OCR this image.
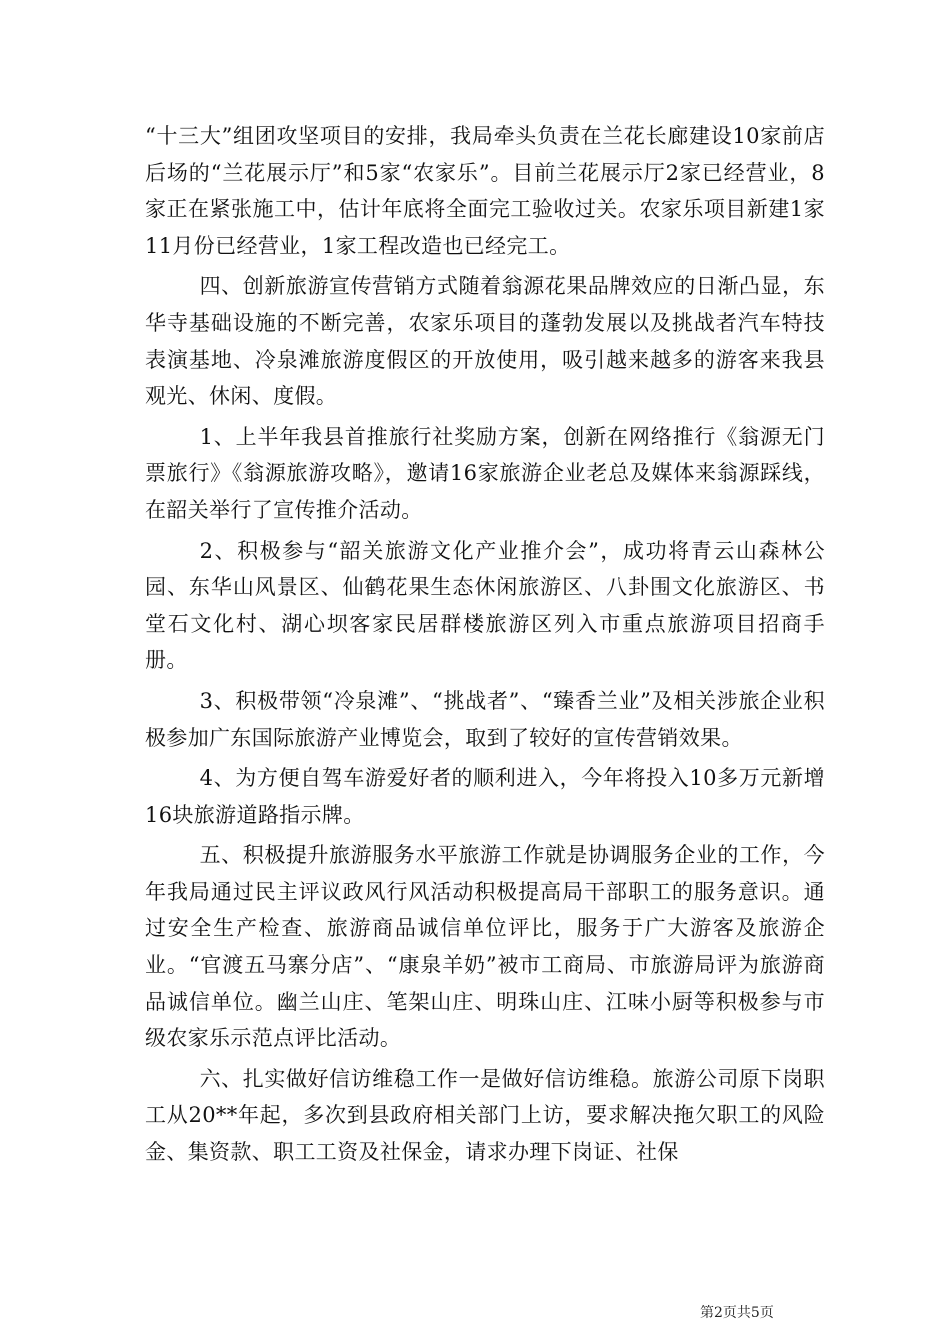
“十三大”组团攻坚项目的安排，我局牵头负责在兰花长廊建设10家前店后场的“兰花展示厅”和5家“农家乐”。目前兰花展示厅2家已经营业，8家正在紧张施工中，估计年底将全面完工验收过关。农家乐项目新建1家11月份已经营业，1家工程改造也已经完工。

四、创新旅游宣传营销方式随着翁源花果品牌效应的日渐凸显，东华寺基础设施的不断完善，农家乐项目的蓬勃发展以及挑战者汽车特技表演基地、冷泉滩旅游度假区的开放使用，吸引越来越多的游客来我县观光、休闲、度假。

1、上半年我县首推旅行社奖励方案，创新在网络推行《翁源无门票旅行》《翁源旅游攻略》，邀请16家旅游企业老总及媒体来翁源踩线，在韶关举行了宣传推介活动。

2、积极参与“韶关旅游文化产业推介会”，成功将青云山森林公园、东华山风景区、仙鹤花果生态休闲旅游区、八卦围文化旅游区、书堂石文化村、湖心坝客家民居群楼旅游区列入市重点旅游项目招商手册。

3、积极带领“冷泉滩”、“挑战者”、“臻香兰业”及相关涉旅企业积极参加广东国际旅游产业博览会，取到了较好的宣传营销效果。

4、为方便自驾车游爱好者的顺利进入，今年将投入10多万元新增16块旅游道路指示牌。

五、积极提升旅游服务水平旅游工作就是协调服务企业的工作，今年我局通过民主评议政风行风活动积极提高局干部职工的服务意识。通过安全生产检查、旅游商品诚信单位评比，服务于广大游客及旅游企业。“官渡五马寨分店”、“康泉羊奶”被市工商局、市旅游局评为旅游商品诚信单位。幽兰山庄、笔架山庄、明珠山庄、江味小厨等积极参与市级农家乐示范点评比活动。

六、扎实做好信访维稳工作一是做好信访维稳。旅游公司原下岗职工从20**年起，多次到县政府相关部门上访，要求解决拖欠职工的风险金、集资款、职工工资及社保金，请求办理下岗证、社保

第2页共5页
